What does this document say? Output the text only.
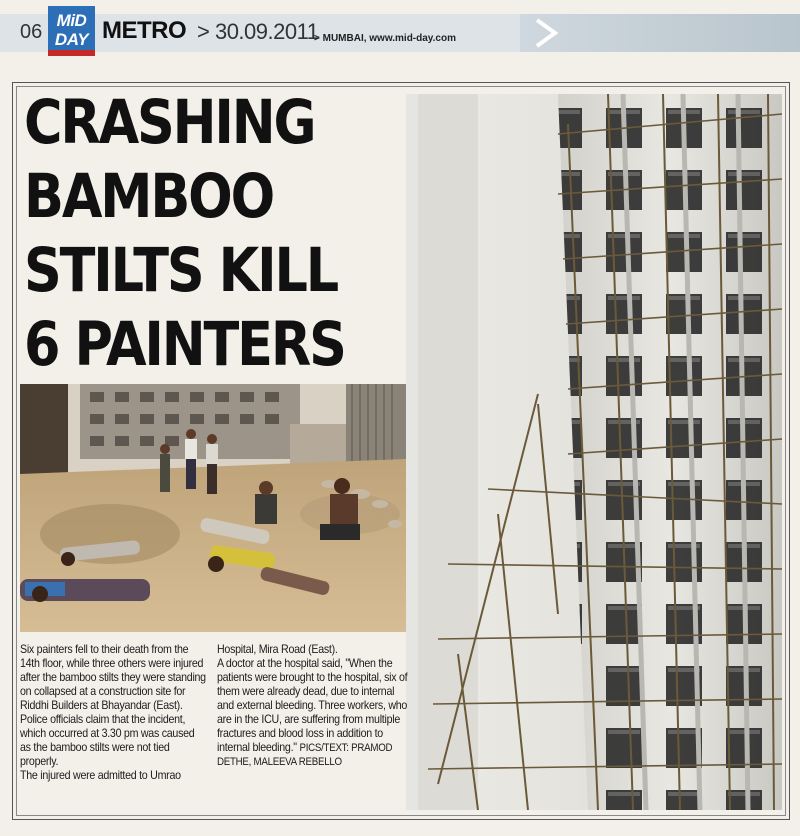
06
MiD
DAY METRO > 30.09.2011
> MUMBAI, www.mid-day.com
CRASHING
BAMBOO
STILTS KILL
6 PAINTERS

Six painters fell to their death from the 14th floor, while three others were injured after the bamboo stilts they were standing on collapsed at a construction site for Riddhi Builders at Bhayandar (East). Police officials claim that the incident, which occurred at 3.30 pm was caused as the bamboo stilts were not tied properly.

The injured were admitted to Umrao

Hospital, Mira Road (East).

A doctor at the hospital said, "When the patients were brought to the hospital, six of them were already dead, due to internal and external bleeding. Three workers, who are in the ICU, are suffering from multiple fractures and blood loss in addition to internal bleeding." PICS/TEXT: PRAMOD DETHE, MALEEVA REBELLO
